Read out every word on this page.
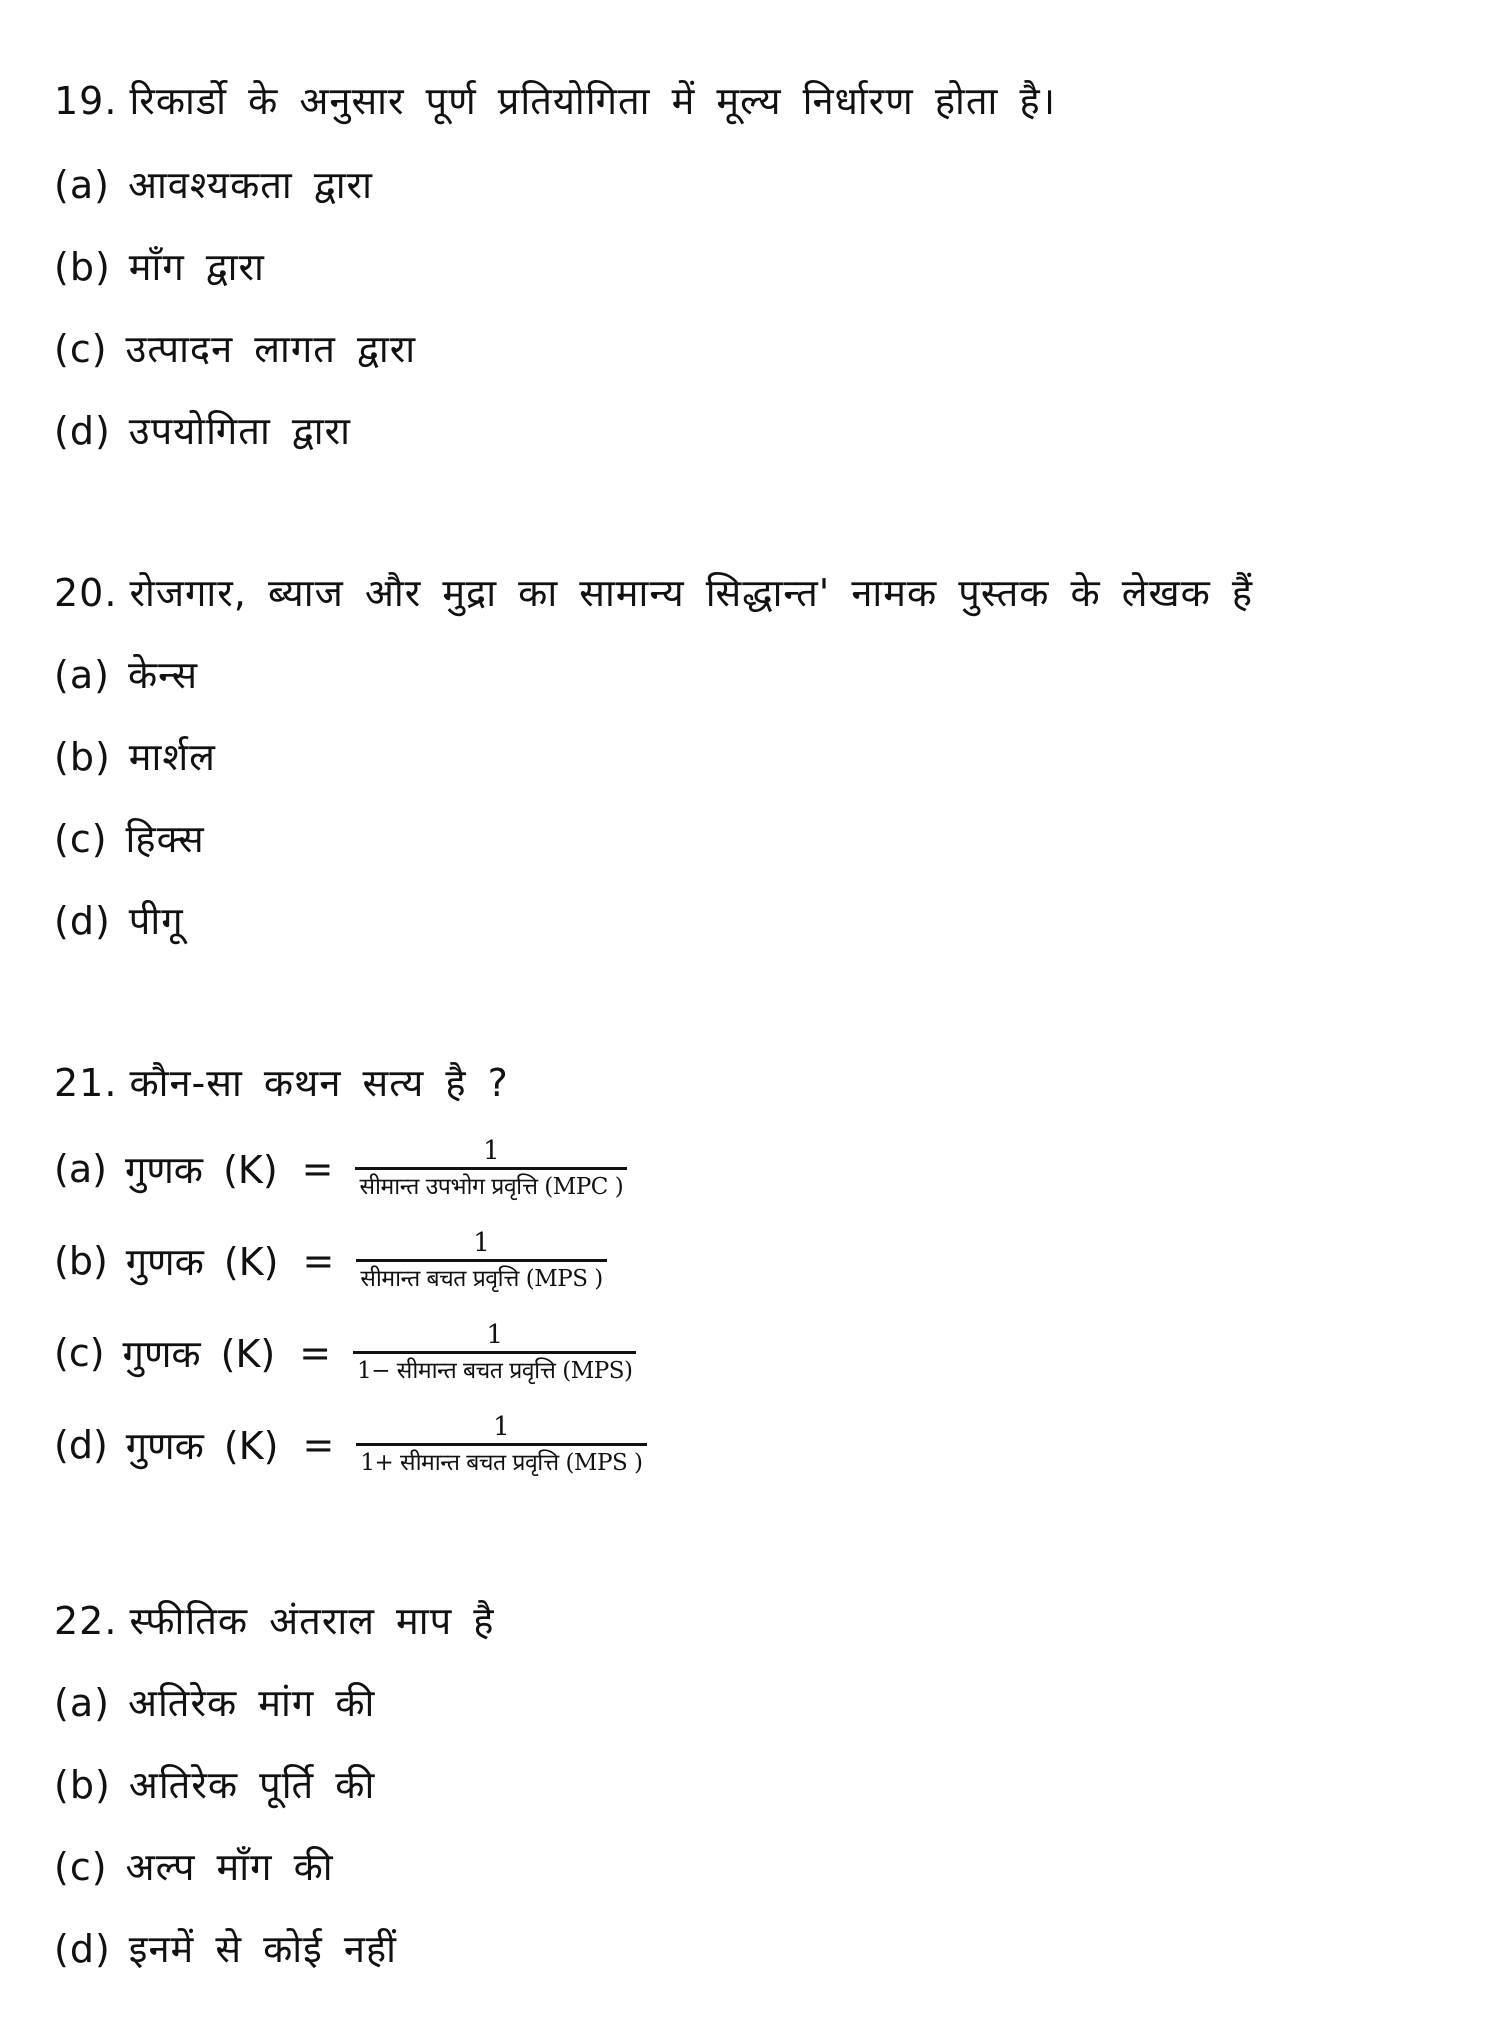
19. रिकार्डो के अनुसार पूर्ण प्रतियोगिता में मूल्य निर्धारण होता है।
(a) आवश्यकता द्वारा
(b) माँग द्वारा
(c) उत्पादन लागत द्वारा
(d) उपयोगिता द्वारा
20. रोजगार, ब्याज और मुद्रा का सामान्य सिद्धान्त' नामक पुस्तक के लेखक हैं
(a) केन्स
(b) मार्शल
(c) हिक्स
(d) पीगू
21. कौन-सा कथन सत्य है ?
(a) गुणक $(K) = \frac{1}{\text{सीमान्त उपभोग प्रवृत्ति (MPC )}}$
(b) गुणक $(K) = \frac{1}{\text{सीमान्त बचत प्रवृत्ति (MPS )}}$
(c) गुणक $(K) = \frac{1}{\text{1− सीमान्त बचत प्रवृत्ति (MPS)}}$
(d) गुणक $(K) = \frac{1}{\text{1+ सीमान्त बचत प्रवृत्ति (MPS )}}$
22. स्फीतिक अंतराल माप है
(a) अतिरेक मांग की
(b) अतिरेक पूर्ति की
(c) अल्प माँग की
(d) इनमें से कोई नहीं
